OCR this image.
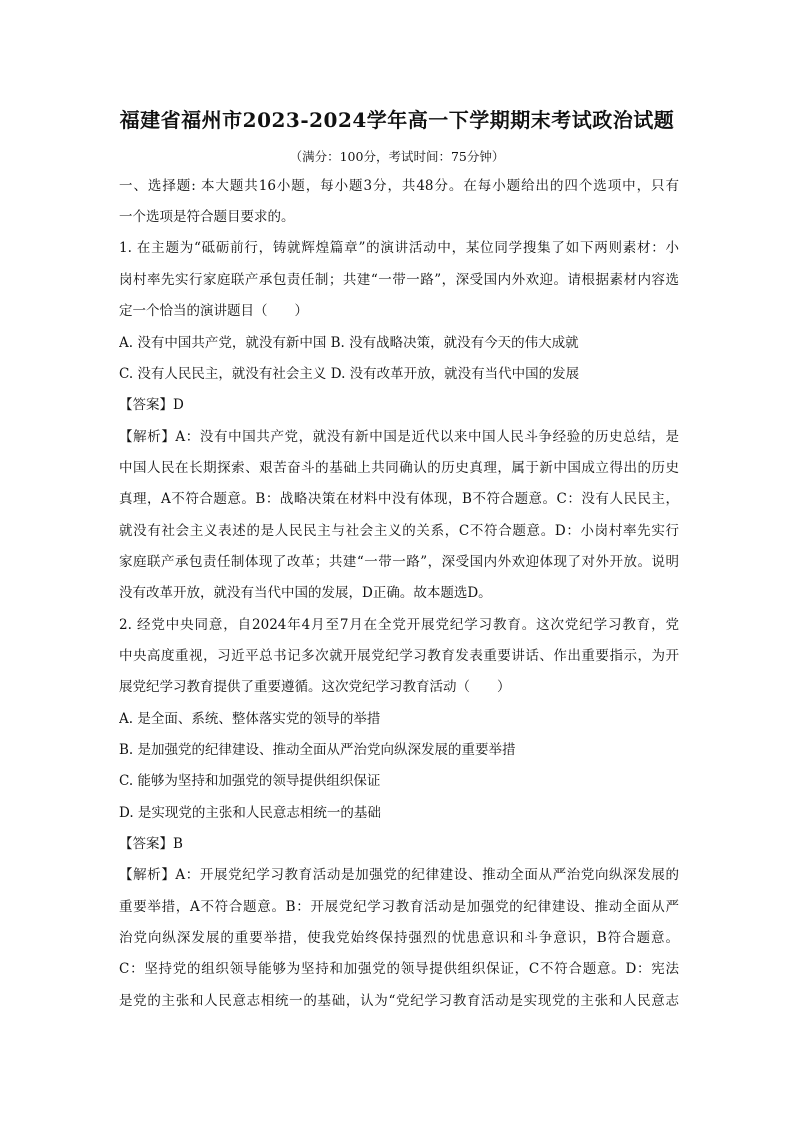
福建省福州市2023-2024学年高一下学期期末考试政治试题
（满分：100分，考试时间：75分钟）
一、选择题: 本大题共16小题，每小题3分，共48分。在每小题给出的四个选项中，只有
一个选项是符合题目要求的。
1. 在主题为“砥砺前行，铸就辉煌篇章”的演讲活动中，某位同学搜集了如下两则素材：小
岗村率先实行家庭联产承包责任制；共建“一带一路”，深受国内外欢迎。请根据素材内容选
定一个恰当的演讲题目（　　）
A. 没有中国共产党，就没有新中国 B. 没有战略决策，就没有今天的伟大成就
C. 没有人民民主，就没有社会主义 D. 没有改革开放，就没有当代中国的发展
【答案】D
【解析】A：没有中国共产党，就没有新中国是近代以来中国人民斗争经验的历史总结，是
中国人民在长期探索、艰苦奋斗的基础上共同确认的历史真理，属于新中国成立得出的历史
真理，A不符合题意。B：战略决策在材料中没有体现，B不符合题意。C：没有人民民主，
就没有社会主义表述的是人民民主与社会主义的关系，C不符合题意。D：小岗村率先实行
家庭联产承包责任制体现了改革；共建“一带一路”，深受国内外欢迎体现了对外开放。说明
没有改革开放，就没有当代中国的发展，D正确。故本题选D。
2. 经党中央同意，自2024年4月至7月在全党开展党纪学习教育。这次党纪学习教育，党
中央高度重视，习近平总书记多次就开展党纪学习教育发表重要讲话、作出重要指示，为开
展党纪学习教育提供了重要遵循。这次党纪学习教育活动（　　）
A. 是全面、系统、整体落实党的领导的举措
B. 是加强党的纪律建设、推动全面从严治党向纵深发展的重要举措
C. 能够为坚持和加强党的领导提供组织保证
D. 是实现党的主张和人民意志相统一的基础
【答案】B
【解析】A：开展党纪学习教育活动是加强党的纪律建设、推动全面从严治党向纵深发展的
重要举措，A不符合题意。B：开展党纪学习教育活动是加强党的纪律建设、推动全面从严
治党向纵深发展的重要举措，使我党始终保持强烈的忧患意识和斗争意识，B符合题意。
C：坚持党的组织领导能够为坚持和加强党的领导提供组织保证，C不符合题意。D：宪法
是党的主张和人民意志相统一的基础，认为“党纪学习教育活动是实现党的主张和人民意志
